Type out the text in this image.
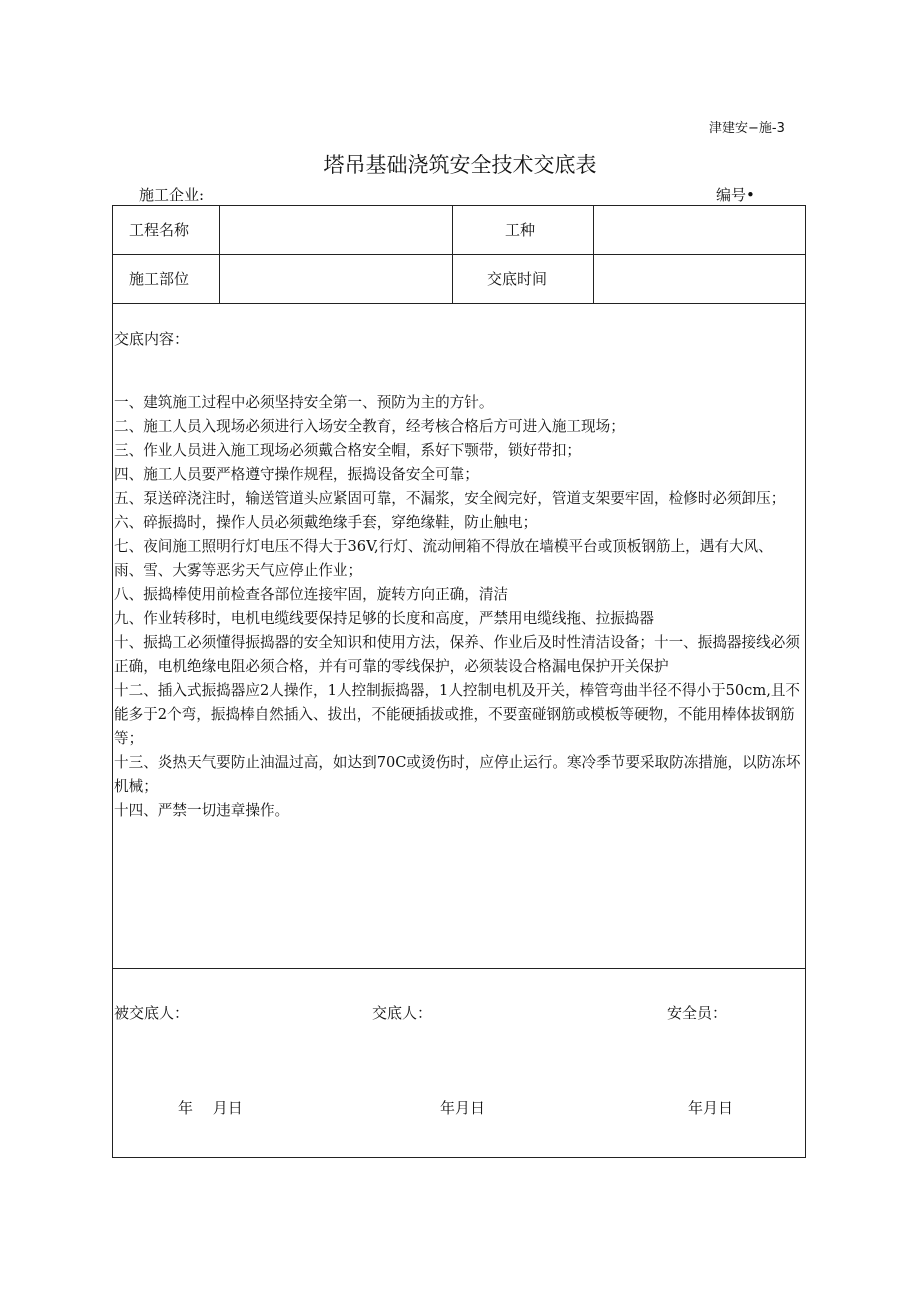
津建安−施-3
塔吊基础浇筑安全技术交底表
施工企业:	编号•
工程名称	工种
施工部位	交底时间
交底内容：
一、建筑施工过程中必须坚持安全第一、预防为主的方针。
二、施工人员入现场必须进行入场安全教育，经考核合格后方可进入施工现场；
三、作业人员进入施工现场必须戴合格安全帽，系好下颚带，锁好带扣；
四、施工人员要严格遵守操作规程，振捣设备安全可靠；
五、泵送碎浇注时，输送管道头应紧固可靠，不漏浆，安全阀完好，管道支架要牢固，检修时必须卸压；
六、碎振捣时，操作人员必须戴绝缘手套，穿绝缘鞋，防止触电；
七、夜间施工照明行灯电压不得大于36V,行灯、流动闸箱不得放在墙模平台或顶板钢筋上，遇有大风、雨、雪、大雾等恶劣天气应停止作业；
八、振捣棒使用前检查各部位连接牢固，旋转方向正确，清洁
九、作业转移时，电机电缆线要保持足够的长度和高度，严禁用电缆线拖、拉振捣器
十、振捣工必须懂得振捣器的安全知识和使用方法，保养、作业后及时性清洁设备；十一、振捣器接线必须正确，电机绝缘电阻必须合格，并有可靠的零线保护，必须装设合格漏电保护开关保护
十二、插入式振捣器应2人操作，1人控制振捣器，1人控制电机及开关，棒管弯曲半径不得小于50cm,且不能多于2个弯，振捣棒自然插入、拔出，不能硬插拔或推，不要蛮碰钢筋或模板等硬物，不能用棒体拔钢筋等；
十三、炎热天气要防止油温过高，如达到70C或烫伤时，应停止运行。寒冷季节要采取防冻措施，以防冻坏机械；
十四、严禁一切违章操作。
被交底人：	交底人：	安全员：
年　 月日	年月日	年月日
